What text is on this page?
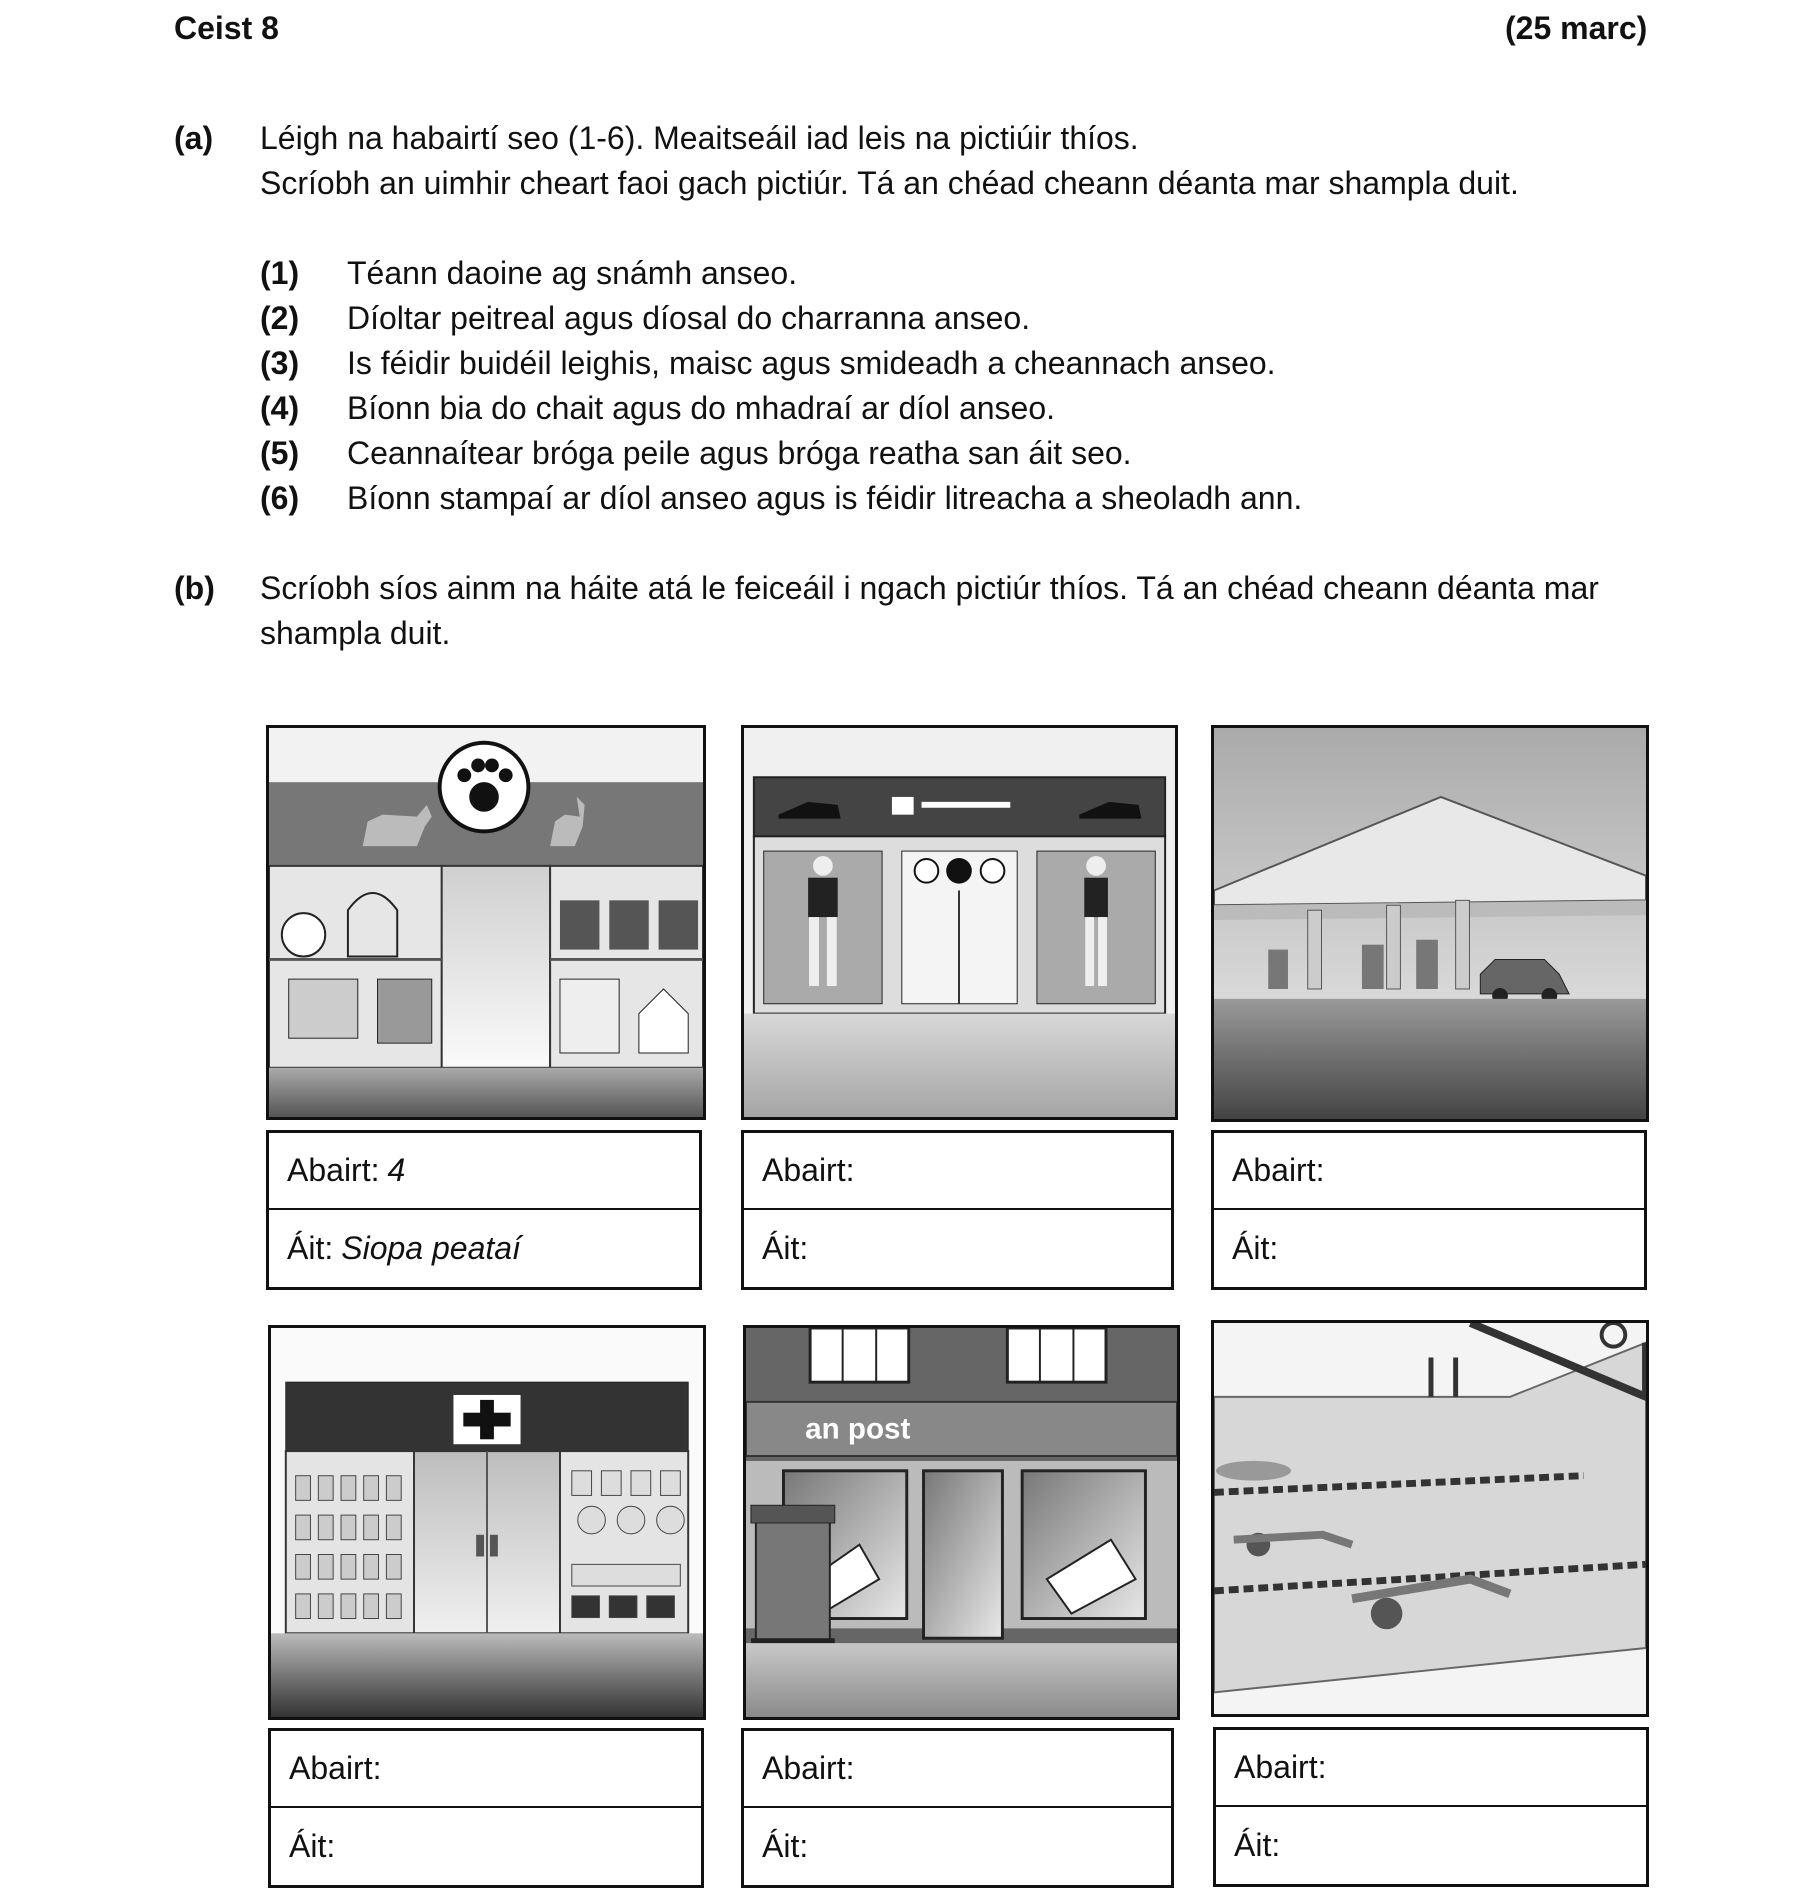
Ceist 8	(25 marc)
(a) Léigh na habairtí seo (1-6). Meaitseáil iad leis na pictiúir thíos.
Scríobh an uimhir cheart faoi gach pictiúr. Tá an chéad cheann déanta mar shampla duit.
(1) Téann daoine ag snámh anseo.
(2) Díoltar peitreal agus díosal do charranna anseo.
(3) Is féidir buidéil leighis, maisc agus smideadh a cheannach anseo.
(4) Bíonn bia do chait agus do mhadraí ar díol anseo.
(5) Ceannaítear bróga peile agus bróga reatha san áit seo.
(6) Bíonn stampaí ar díol anseo agus is féidir litreacha a sheoladh ann.
(b) Scríobh síos ainm na háite atá le feiceáil i ngach pictiúr thíos. Tá an chéad cheann déanta mar
shampla duit.
Abairt: 4
Áit: Siopa peataí
Abairt:
Áit:
Abairt:
Áit:
Abairt:
Áit:
an post
Abairt:
Áit:
Abairt:
Áit:
